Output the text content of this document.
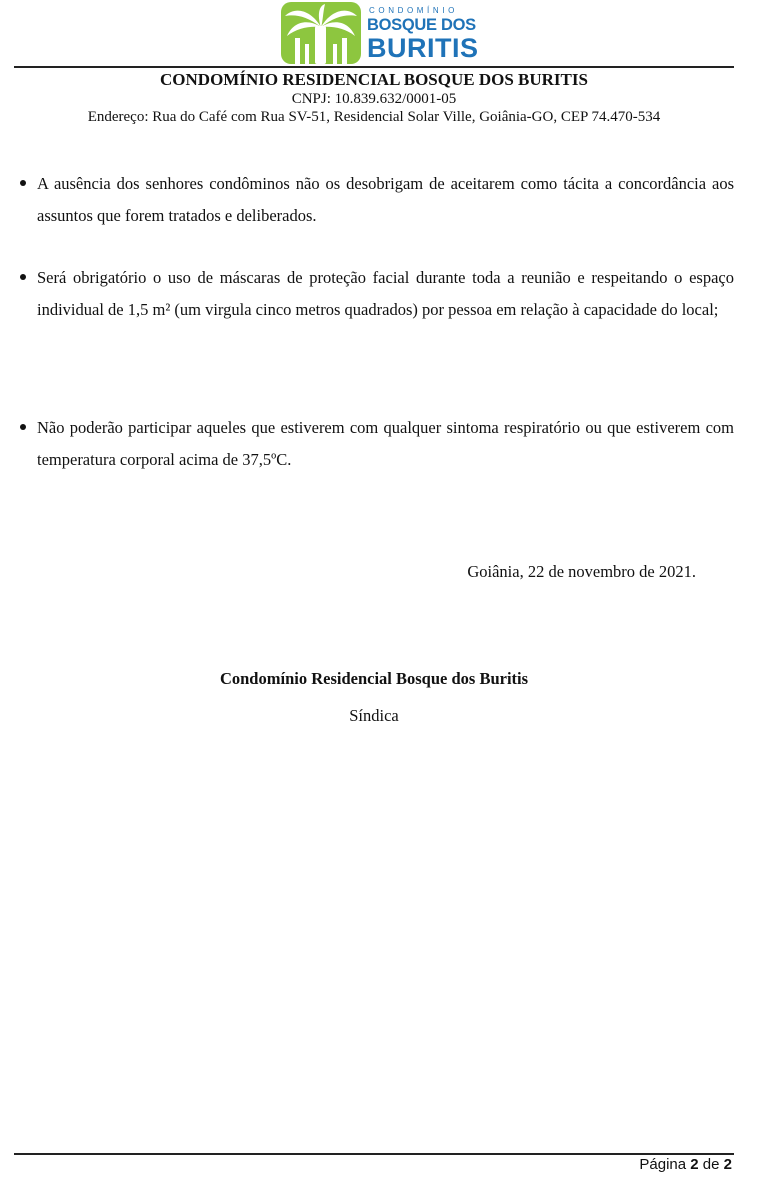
CONDOMÍNIO
BOSQUE DOS
BURITIS
CONDOMÍNIO RESIDENCIAL BOSQUE DOS BURITIS
CNPJ: 10.839.632/0001-05
Endereço: Rua do Café com Rua SV-51, Residencial Solar Ville, Goiânia-GO, CEP 74.470-534
A ausência dos senhores condôminos não os desobrigam de aceitarem como tácita a concordância aos assuntos que forem tratados e deliberados.
Será obrigatório o uso de máscaras de proteção facial durante toda a reunião e respeitando o espaço individual de 1,5 m² (um virgula cinco metros quadrados) por pessoa em relação à capacidade do local;
Não poderão participar aqueles que estiverem com qualquer sintoma respiratório ou que estiverem com temperatura corporal acima de 37,5ºC.
Goiânia, 22 de novembro de 2021.
Condomínio Residencial Bosque dos Buritis
Síndica
Página 2 de 2
